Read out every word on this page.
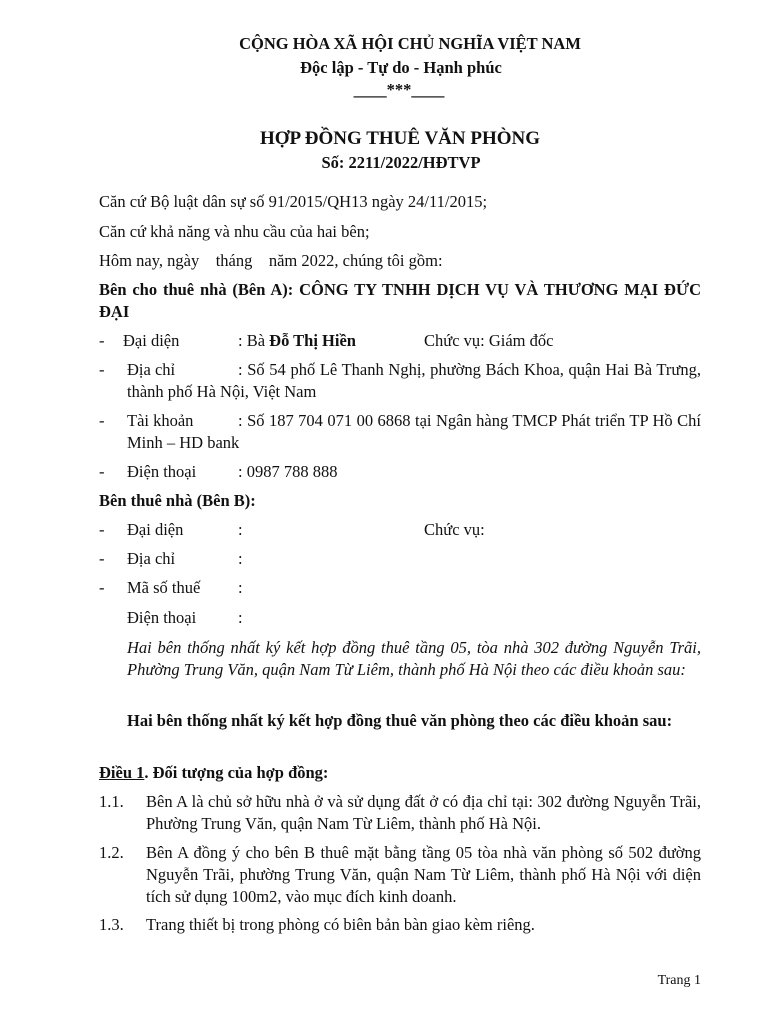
CỘNG HÒA XÃ HỘI CHỦ NGHĨA VIỆT NAM
Độc lập - Tự do - Hạnh phúc
____***____
HỢP ĐỒNG THUÊ VĂN PHÒNG
Số: 2211/2022/HĐTVP
Căn cứ Bộ luật dân sự số 91/2015/QH13 ngày 24/11/2015;
Căn cứ khả năng và nhu cầu của hai bên;
Hôm nay, ngày    tháng    năm 2022, chúng tôi gồm:
Bên cho thuê nhà (Bên A): CÔNG TY TNHH DỊCH VỤ VÀ THƯƠNG MẠI ĐỨC ĐẠI
- Đại diện	: Bà Đỗ Thị Hiền	Chức vụ: Giám đốc
- Địa chỉ	: Số 54 phố Lê Thanh Nghị, phường Bách Khoa, quận Hai Bà Trưng, thành phố Hà Nội, Việt Nam
- Tài khoản	: Số 187 704 071 00 6868 tại Ngân hàng TMCP Phát triển TP Hồ Chí Minh – HD bank
- Điện thoại	: 0987 788 888
Bên thuê nhà (Bên B):
- Đại diện	:	Chức vụ:
- Địa chỉ	:
- Mã số thuế :
Điện thoại	:
Hai bên thống nhất ký kết hợp đồng thuê tầng 05, tòa nhà 302 đường Nguyễn Trãi, Phường Trung Văn, quận Nam Từ Liêm, thành phố Hà Nội theo các điều khoản sau:
Hai bên thống nhất ký kết hợp đồng thuê văn phòng theo các điều khoản sau:
Điều 1. Đối tượng của hợp đồng:
1.1. Bên A là chủ sở hữu nhà ở và sử dụng đất ở có địa chỉ tại: 302 đường Nguyễn Trãi, Phường Trung Văn, quận Nam Từ Liêm, thành phố Hà Nội.
1.2. Bên A đồng ý cho bên B thuê mặt bằng tầng 05 tòa nhà văn phòng số 502 đường Nguyễn Trãi, phường Trung Văn, quận Nam Từ Liêm, thành phố Hà Nội với diện tích sử dụng 100m2, vào mục đích kinh doanh.
1.3. Trang thiết bị trong phòng có biên bản bàn giao kèm riêng.
Trang 1
